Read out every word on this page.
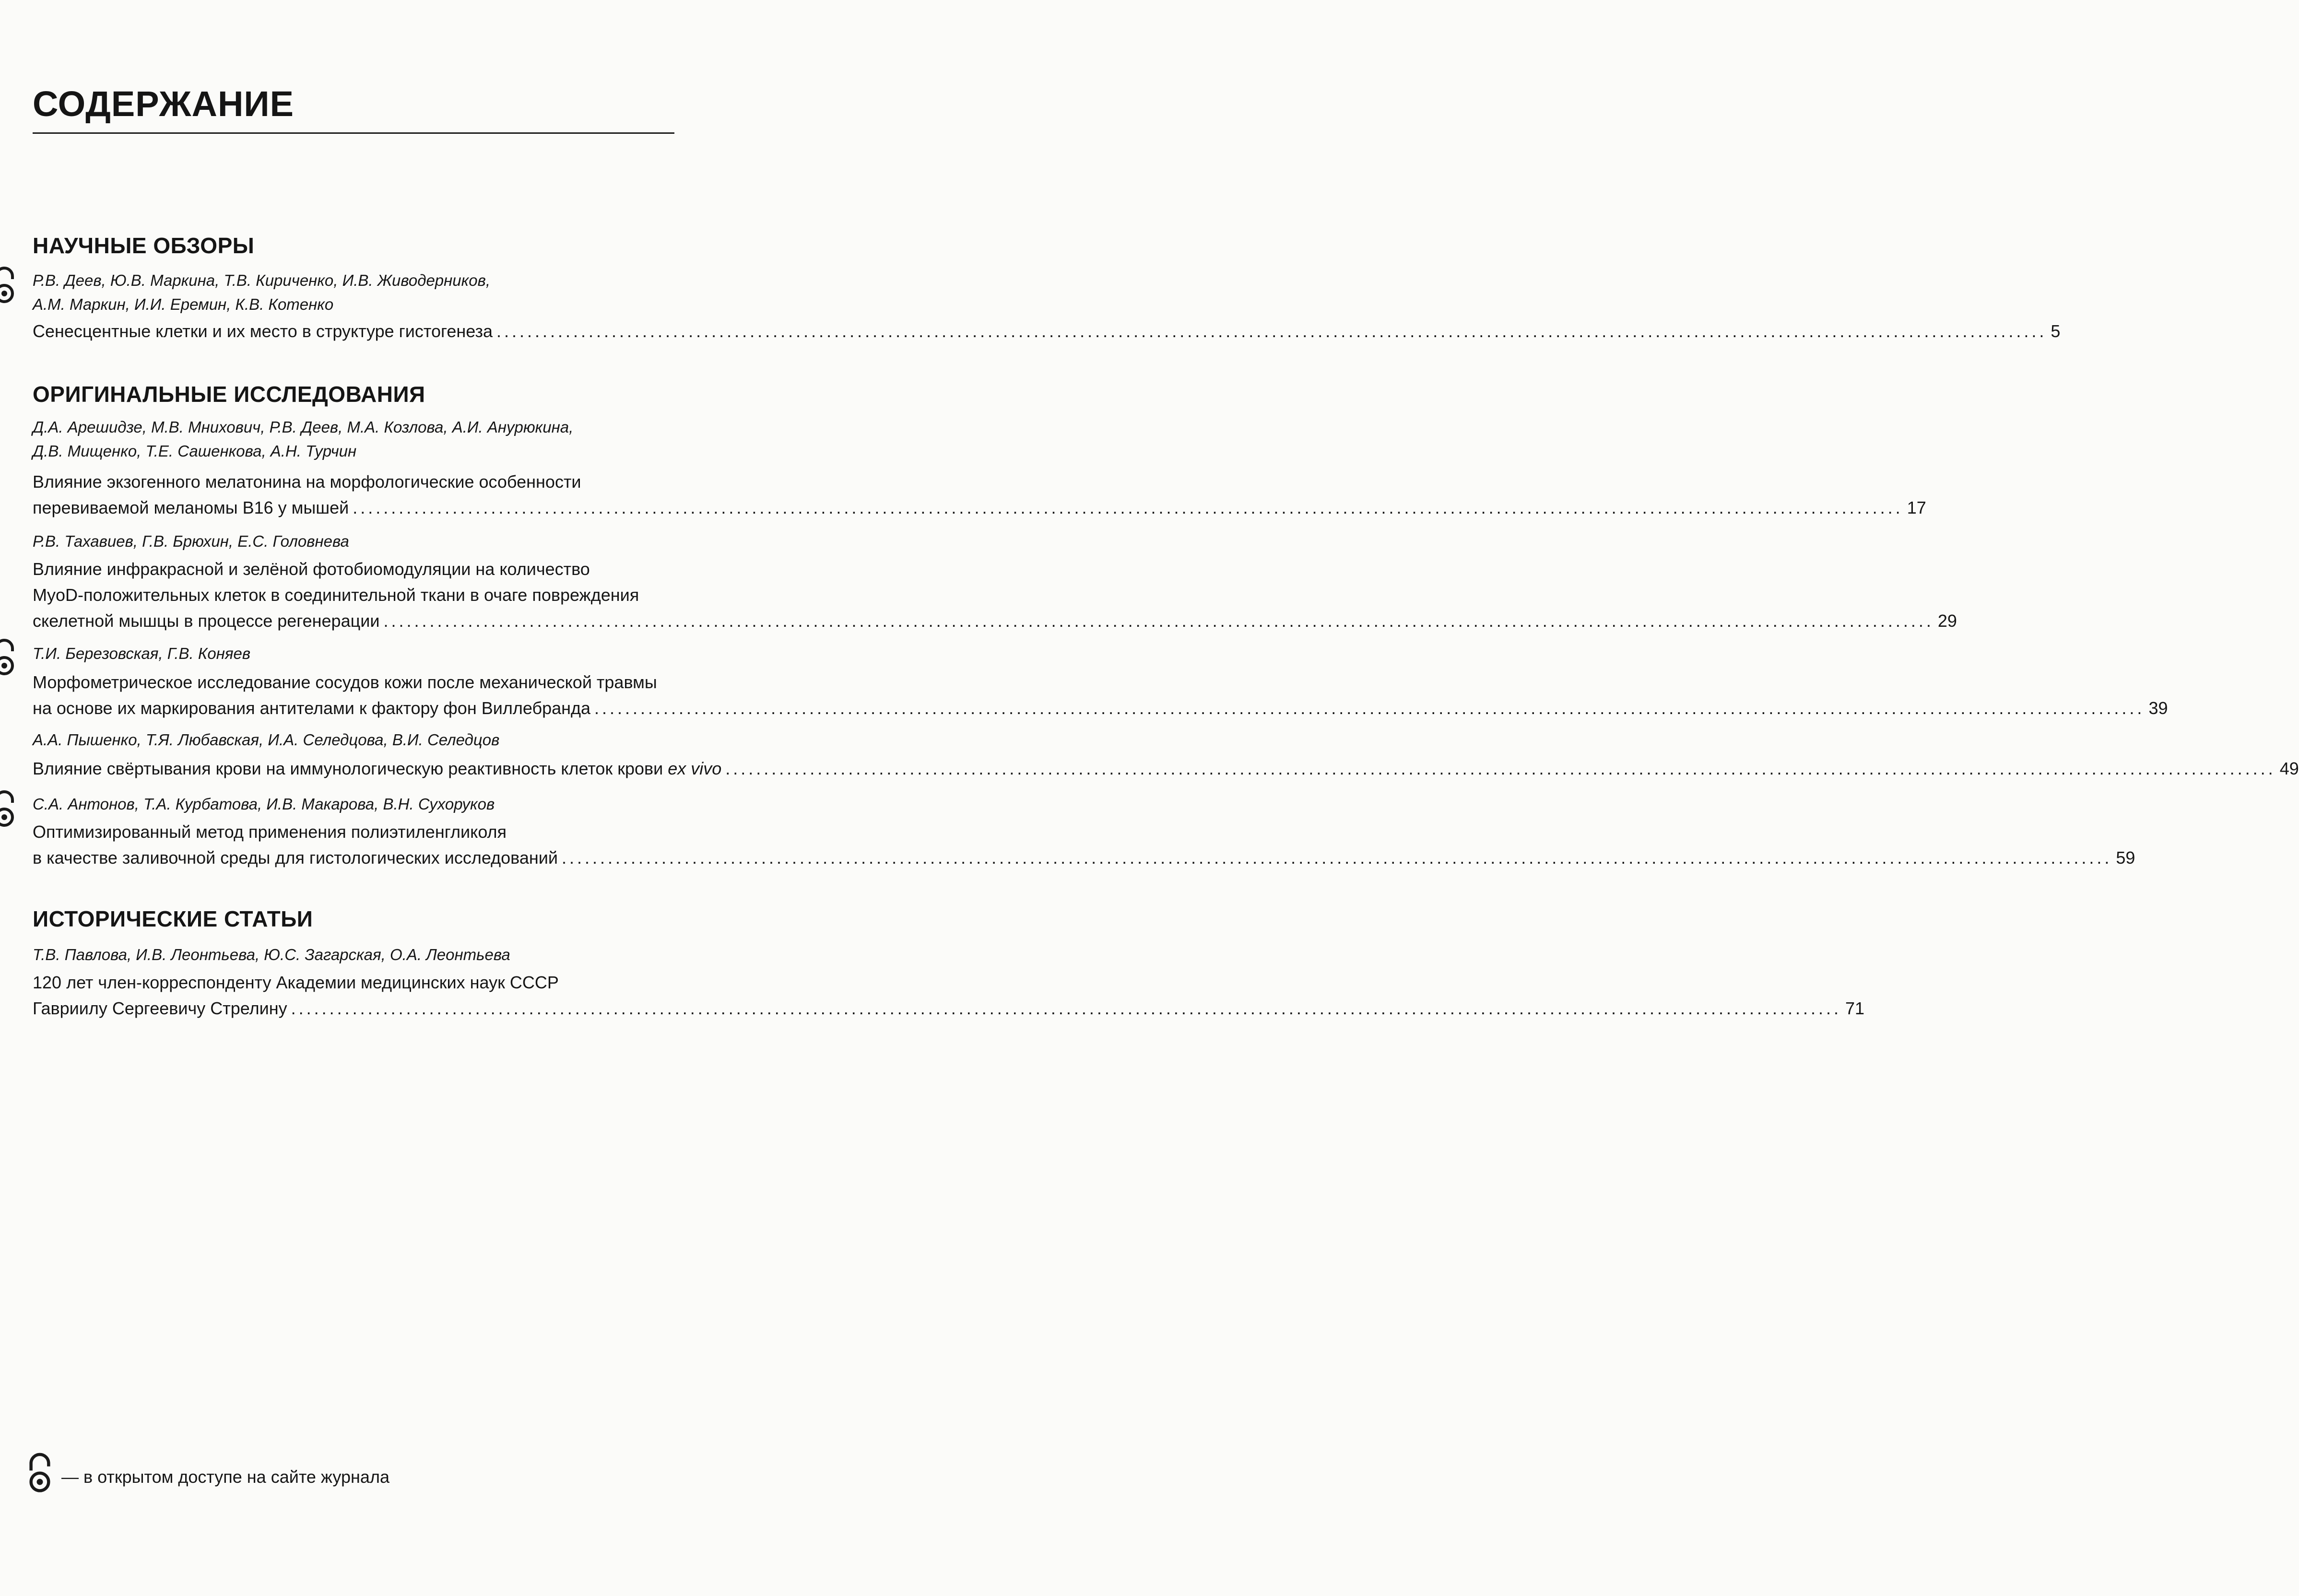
СОДЕРЖАНИЕ
НАУЧНЫЕ ОБЗОРЫ
Р.В. Деев, Ю.В. Маркина, Т.В. Кириченко, И.В. Живодерников,
А.М. Маркин, И.И. Еремин, К.В. Котенко
Сенесцентные клетки и их место в структуре гистогенеза .......................................................................................................................................................................................................... 5
ОРИГИНАЛЬНЫЕ ИССЛЕДОВАНИЯ
Д.А. Арешидзе, М.В. Мнихович, Р.В. Деев, М.А. Козлова, А.И. Анурюкина,
Д.В. Мищенко, Т.Е. Сашенкова, А.Н. Турчин
Влияние экзогенного мелатонина на морфологические особенности
перевиваемой меланомы В16 у мышей .......................................................................................................................................................................................................... 17
Р.В. Тахавиев, Г.В. Брюхин, Е.С. Головнева
Влияние инфракрасной и зелёной фотобиомодуляции на количество
MyoD-положительных клеток в соединительной ткани в очаге повреждения
скелетной мышцы в процессе регенерации .......................................................................................................................................................................................................... 29
Т.И. Березовская, Г.В. Коняев
Морфометрическое исследование сосудов кожи после механической травмы
на основе их маркирования антителами к фактору фон Виллебранда .......................................................................................................................................................................................................... 39
А.А. Пышенко, Т.Я. Любавская, И.А. Селедцова, В.И. Селедцов
Влияние свёртывания крови на иммунологическую реактивность клеток крови ex vivo .......................................................................................................................................................................................................... 49
С.А. Антонов, Т.А. Курбатова, И.В. Макарова, В.Н. Сухоруков
Оптимизированный метод применения полиэтиленгликоля
в качестве заливочной среды для гистологических исследований .......................................................................................................................................................................................................... 59
ИСТОРИЧЕСКИЕ СТАТЬИ
Т.В. Павлова, И.В. Леонтьева, Ю.С. Загарская, О.А. Леонтьева
120 лет член-корреспонденту Академии медицинских наук СССР
Гавриилу Сергеевичу Стрелину .......................................................................................................................................................................................................... 71
— в открытом доступе на сайте журнала
